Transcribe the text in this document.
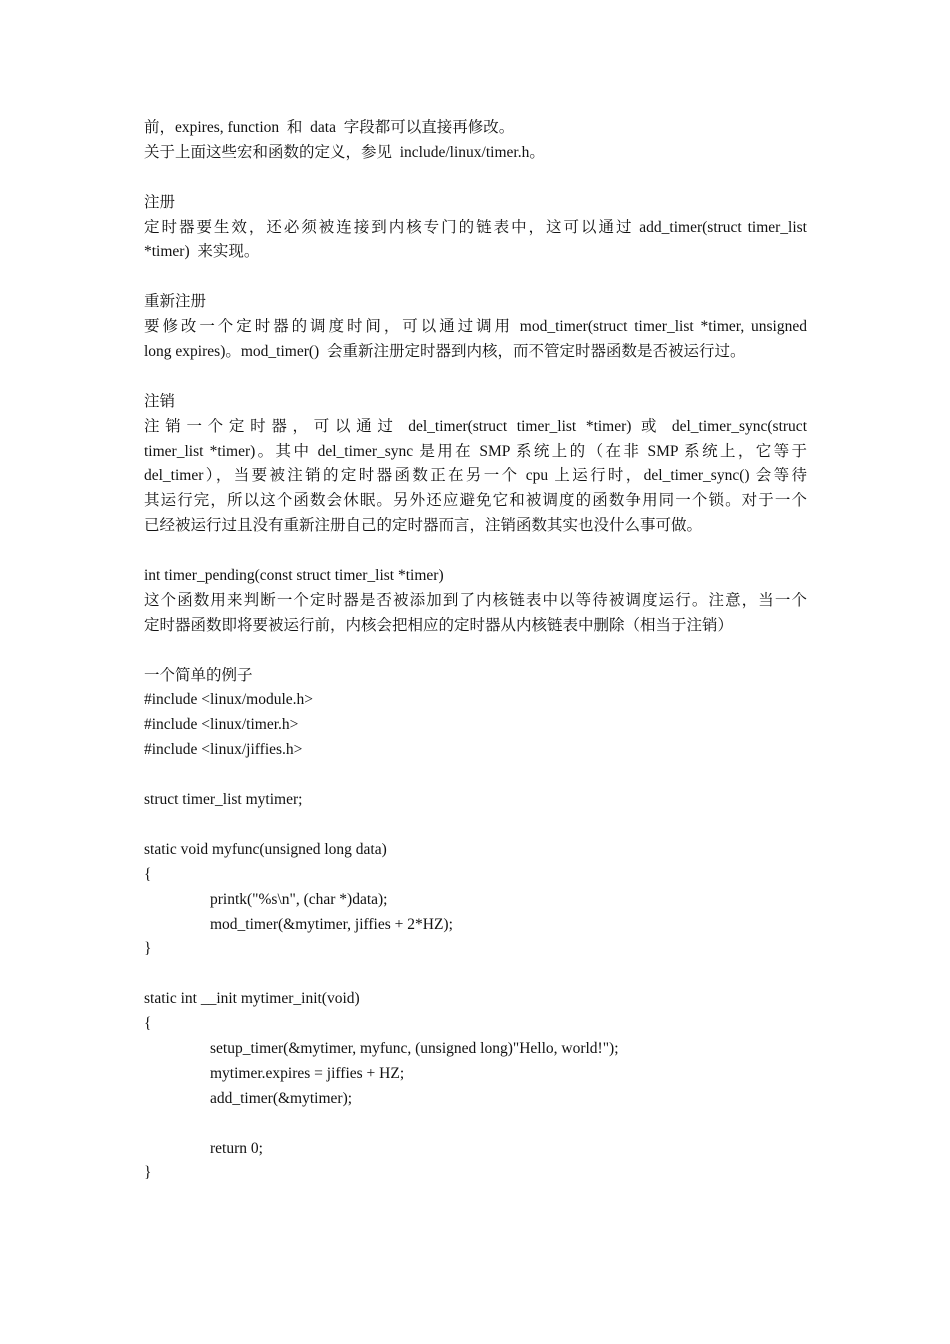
前，expires, function  和  data  字段都可以直接再修改。
关于上面这些宏和函数的定义，参见  include/linux/timer.h。
注册
定时器要生效，还必须被连接到内核专门的链表中，这可以通过 add_timer(struct timer_list
*timer)  来实现。
重新注册
要修改一个定时器的调度时间，可以通过调用 mod_timer(struct timer_list *timer, unsigned
long expires)。mod_timer()  会重新注册定时器到内核，而不管定时器函数是否被运行过。
注销
注销一个定时器，可以通过 del_timer(struct timer_list *timer) 或 del_timer_sync(struct
timer_list *timer)。其中 del_timer_sync 是用在 SMP 系统上的（在非 SMP 系统上，它等于
del_timer），当要被注销的定时器函数正在另一个 cpu 上运行时，del_timer_sync() 会等待
其运行完，所以这个函数会休眠。另外还应避免它和被调度的函数争用同一个锁。对于一个
已经被运行过且没有重新注册自己的定时器而言，注销函数其实也没什么事可做。
int timer_pending(const struct timer_list *timer)
这个函数用来判断一个定时器是否被添加到了内核链表中以等待被调度运行。注意，当一个
定时器函数即将要被运行前，内核会把相应的定时器从内核链表中删除（相当于注销）
一个简单的例子
#include <linux/module.h>
#include <linux/timer.h>
#include <linux/jiffies.h>
struct timer_list mytimer;
static void myfunc(unsigned long data)
{
printk("%s\n", (char *)data);
mod_timer(&mytimer, jiffies + 2*HZ);
}
static int __init mytimer_init(void)
{
setup_timer(&mytimer, myfunc, (unsigned long)"Hello, world!");
mytimer.expires = jiffies + HZ;
add_timer(&mytimer);
return 0;
}
